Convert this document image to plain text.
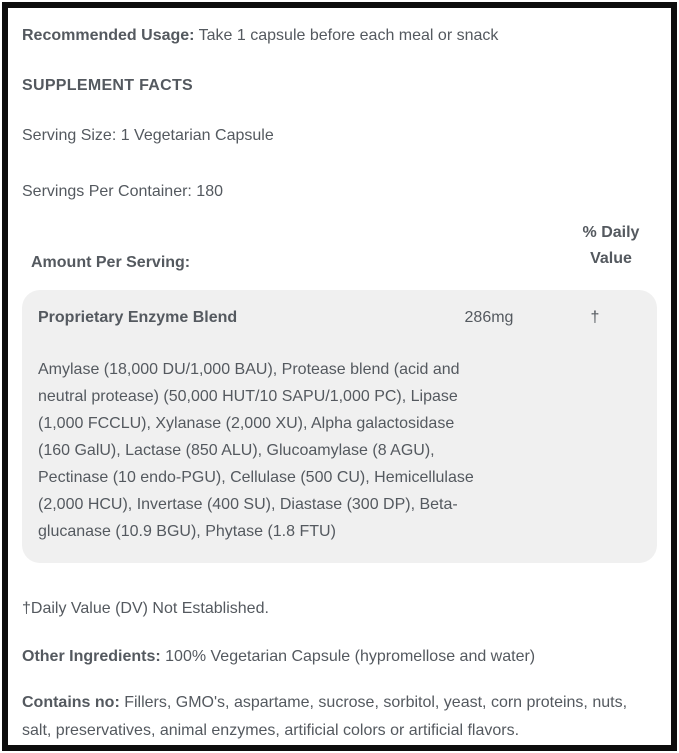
Recommended Usage: Take 1 capsule before each meal or snack

SUPPLEMENT FACTS

Serving Size: 1 Vegetarian Capsule

Servings Per Container: 180

Amount Per Serving:
% Daily
Value
Proprietary Enzyme Blend	286mg	†

Amylase (18,000 DU/1,000 BAU), Protease blend (acid and neutral protease) (50,000 HUT/10 SAPU/1,000 PC), Lipase (1,000 FCCLU), Xylanase (2,000 XU), Alpha galactosidase (160 GalU), Lactase (850 ALU), Glucoamylase (8 AGU), Pectinase (10 endo-PGU), Cellulase (500 CU), Hemicellulase (2,000 HCU), Invertase (400 SU), Diastase (300 DP), Beta-glucanase (10.9 BGU), Phytase (1.8 FTU)

†Daily Value (DV) Not Established.

Other Ingredients: 100% Vegetarian Capsule (hypromellose and water)

Contains no: Fillers, GMO's, aspartame, sucrose, sorbitol, yeast, corn proteins, nuts, salt, preservatives, animal enzymes, artificial colors or artificial flavors.
